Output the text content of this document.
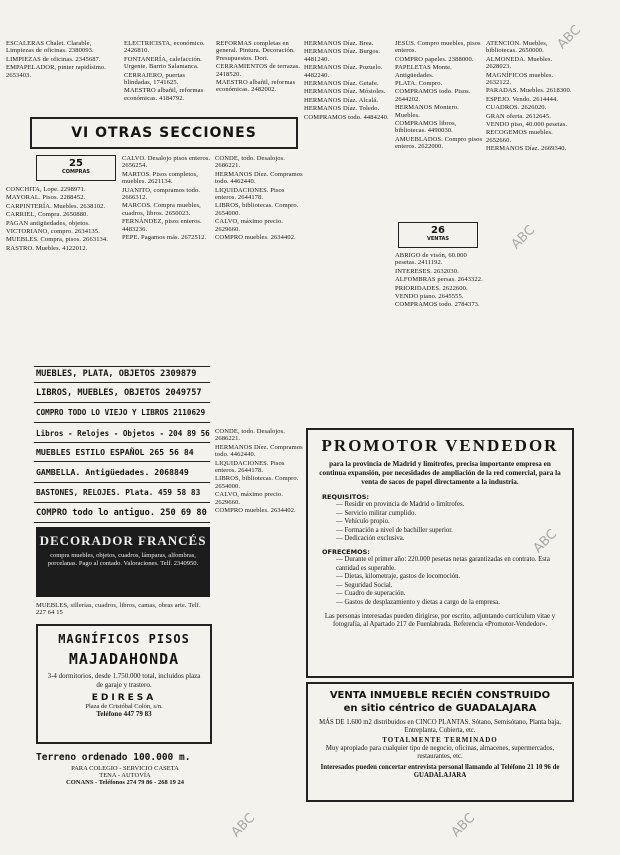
ESCALERAS Chalet. Clarable, Limpiezas de oficinas. 2380093.

LIMPIEZAS de oficinas. 2345687.

EMPAPELADOR, pinter rapidísimo. 2653403.

ELECTRICISTA, económico. 2426810.

FONTANERÍA, calefacción. Urgente. Barrio Salamanca.

CERRAJERO, puertas blindadas, 1741625.

MAESTRO albañil, reformas económicas. 4184792.

REFORMAS completas en general. Pintura. Decoración. Presupuestos. Dori.

CERRAMIENTOS de terrazas. 2418520.

MAESTRO albañil, reformas económicas. 2482002.

VI OTRAS SECCIONES
25
COMPRAS

CONCHITA, Lope. 2298971.

MAYORAL. Pisos. 2288452.

CARPINTERÍA. Muebles. 2638102.

CARRIEL, Compra. 2650880.

PAGAN antigüedades, objetos.

VICTORIANO, compro. 2634135.

MUEBLES. Compra, pisos. 2663134.

RASTRO. Muebles. 4122012.

CALVO. Desalojo pisos enteros. 2656254.

MARTOS. Pisos completos, muebles. 2621134.

JUANITO, compramos todo. 2666312.

MARCOS. Compra muebles, cuadros, libros. 2650023.

FERNÁNDEZ, pisos enteros. 4483236.

PEPE. Pagamos más. 2672512.

CONDE, todo. Desalojos. 2686221.

HERMANOS Díez. Compramos todo. 4462440.

LIQUIDACIONES. Pisos enteros. 2644178.

LIBROS, bibliotecas. Compro. 2654000.

CALVO, máximo precio. 2629660.

COMPRO muebles. 2634402.

HERMANOS Díaz. Brea.

HERMANOS Díaz. Burgos. 4481240.

HERMANOS Díaz. Pozuelo. 4482240.

HERMANOS Díaz. Getafe.

HERMANOS Díaz. Móstoles.

HERMANOS Díaz. Alcalá.

HERMANOS Díaz. Toledo.

COMPRAMOS todo. 4484240.

JESÚS. Compro muebles, pisos enteros.

COMPRO papeles. 2388000.

PAPELETAS Monte. Antigüedades.

PLATA. Compro.

COMPRAMOS todo. Pisos. 2644202.

HERMANOS Montero. Muebles.

COMPRAMOS libros, bibliotecas. 4490030.

AMUEBLADOS. Compro pisos enteros. 2622000.

26
VENTAS

ABRIGO de visón, 60.000 pesetas. 2411192.

INTERESES. 2632030.

ALFOMBRAS persas. 2643322.

PRIORIDADES. 2622600.

VENDO piano. 2645555.

COMPRAMOS todo. 2784373.

ATENCIÓN. Muebles, bibliotecas. 2650000.

ALMONEDA. Muebles. 2628023.

MAGNÍFICOS muebles. 2632122.

PARADAS. Muebles. 2618300.

ESPEJO. Vendo. 2614444.

CUADROS. 2626020.

GRAN oferta. 2612645.

VENDO piso, 40.000 pesetas.

RECOGEMOS muebles. 2652660.

HERMANOS Díaz. 2669340.

MUEBLES, PLATA, OBJETOS 2309879
LIBROS, MUEBLES, OBJETOS 2049757
COMPRO TODO LO VIEJO Y LIBROS 2110629
Libros - Relojes - Objetos - 204 89 56
MUEBLES ESTILO ESPAÑOL 265 56 84
GAMBELLA. Antigüedades. 2068849
BASTONES, RELOJES. Plata. 459 58 83
COMPRO todo lo antiguo. 250 69 80
DECORADOR FRANCÉS
compra muebles, objetos, cuadros, lámparas, alfombras, porcelanas. Pago al contado. Valoraciones. Telf. 2340950.

MUEBLES, sillerías, cuadros, libros, camas, obras arte. Telf. 227 64 15

MAGNÍFICOS PISOS
MAJADAHONDA
3-4 dormitorios, desde 1.750.000 total, incluidos plaza de garaje y trastero.
EDIRESA
Plaza de Cristóbal Colón, s/n.
Teléfono 447 79 83
Terreno ordenado 100.000 m.
PARA COLEGIO - SERVICIO CASETA
TENA - AUTOVÍA
CONANS - Teléfonos 274 79 86 - 268 19 24

CONDE, todo. Desalojos. 2686221.

HERMANOS Díez. Compramos todo. 4462440.

LIQUIDACIONES. Pisos enteros. 2644178.

LIBROS, bibliotecas. Compro. 2654000.

CALVO, máximo precio. 2629660.

COMPRO muebles. 2634402.

PROMOTOR VENDEDOR
para la provincia de Madrid y limítrofes, precisa importante empresa en continua expansión, por necesidades de ampliación de la red comercial, para la venta de sacos de papel directamente a la industria.
REQUISITOS:
— Residir en provincia de Madrid o limítrofes.
— Servicio militar cumplido.
— Vehículo propio.
— Formación a nivel de bachiller superior.
— Dedicación exclusiva.
OFRECEMOS:
— Durante el primer año: 220.000 pesetas netas garantizadas en contrato. Esta cantidad es superable.
— Dietas, kilometraje, gastos de locomoción.
— Seguridad Social.
— Cuadro de superación.
— Gastos de desplazamiento y dietas a cargo de la empresa.
Las personas interesadas pueden dirigirse, por escrito, adjuntando currículum vitae y fotografía, al Apartado 217 de Fuenlabrada. Referencia «Promotor-Vendedor».
VENTA INMUEBLE RECIÉN CONSTRUIDO
en sitio céntrico de GUADALAJARA
MÁS DE 1.600 m2 distribuidos en CINCO PLANTAS. Sótano, Semisótano, Planta baja, Entreplanta, Cubierta, etc.
TOTALMENTE TERMINADO
Muy apropiado para cualquier tipo de negocio, oficinas, almacenes, supermercados, restaurantes, etc.
Interesados pueden concertar entrevista personal llamando al Teléfono 21 10 96 de GUADALAJARA
ABC
ABC
ABC
ABC	ABC
